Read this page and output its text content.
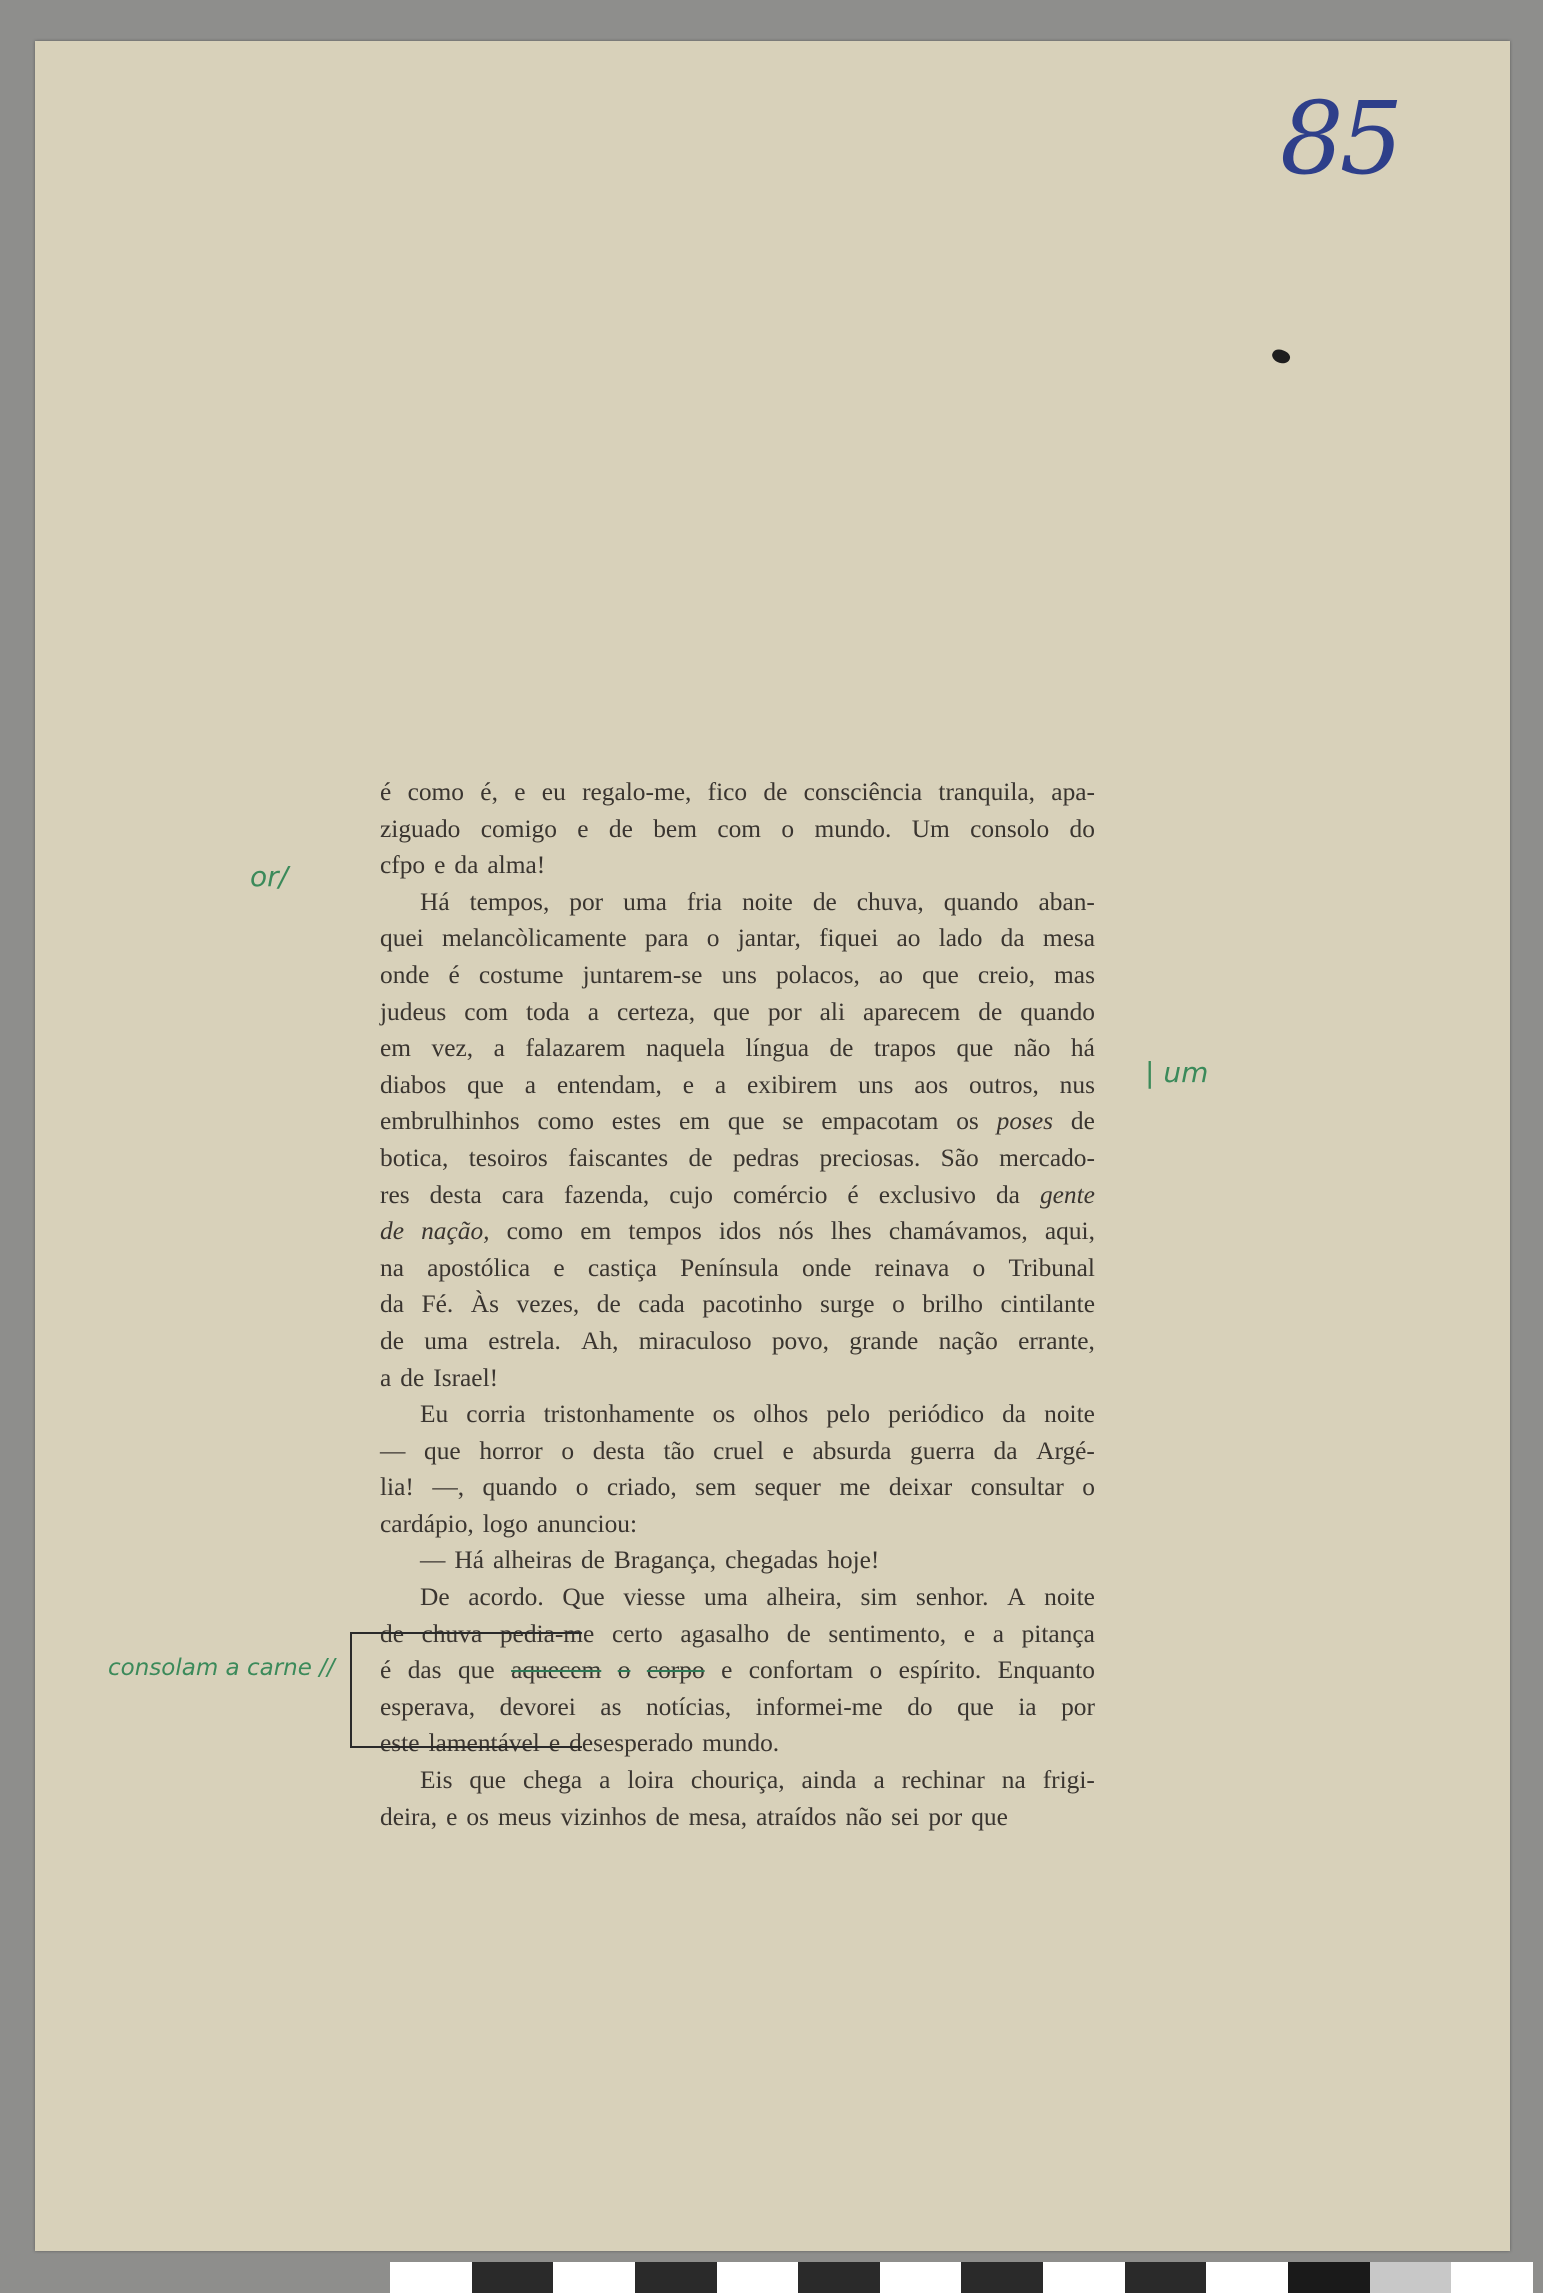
85
é como é, e eu regalo-me, fico de consciência tranquila, apa-
ziguado comigo e de bem com o mundo. Um consolo do
cfpo e da alma!
Há tempos, por uma fria noite de chuva, quando aban-
quei melancòlicamente para o jantar, fiquei ao lado da mesa
onde é costume juntarem-se uns polacos, ao que creio, mas
judeus com toda a certeza, que por ali aparecem de quando
em vez, a falazarem naquela língua de trapos que não há
diabos que a entendam, e a exibirem uns aos outros, nus
embrulhinhos como estes em que se empacotam os poses de
botica, tesoiros faiscantes de pedras preciosas. São mercado-
res desta cara fazenda, cujo comércio é exclusivo da gente
de nação, como em tempos idos nós lhes chamávamos, aqui,
na apostólica e castiça Península onde reinava o Tribunal
da Fé. Às vezes, de cada pacotinho surge o brilho cintilante
de uma estrela. Ah, miraculoso povo, grande nação errante,
a de Israel!
Eu corria tristonhamente os olhos pelo periódico da noite
— que horror o desta tão cruel e absurda guerra da Argé-
lia! —, quando o criado, sem sequer me deixar consultar o
cardápio, logo anunciou:
— Há alheiras de Bragança, chegadas hoje!
De acordo. Que viesse uma alheira, sim senhor. A noite
de chuva pedia-me certo agasalho de sentimento, e a pitança
é das que aquecem o corpo e confortam o espírito. Enquanto
esperava, devorei as notícias, informei-me do que ia por
este lamentável e desesperado mundo.
Eis que chega a loira chouriça, ainda a rechinar na frigi-
deira, e os meus vizinhos de mesa, atraídos não sei por que
or/
| um
consolam a carne //
